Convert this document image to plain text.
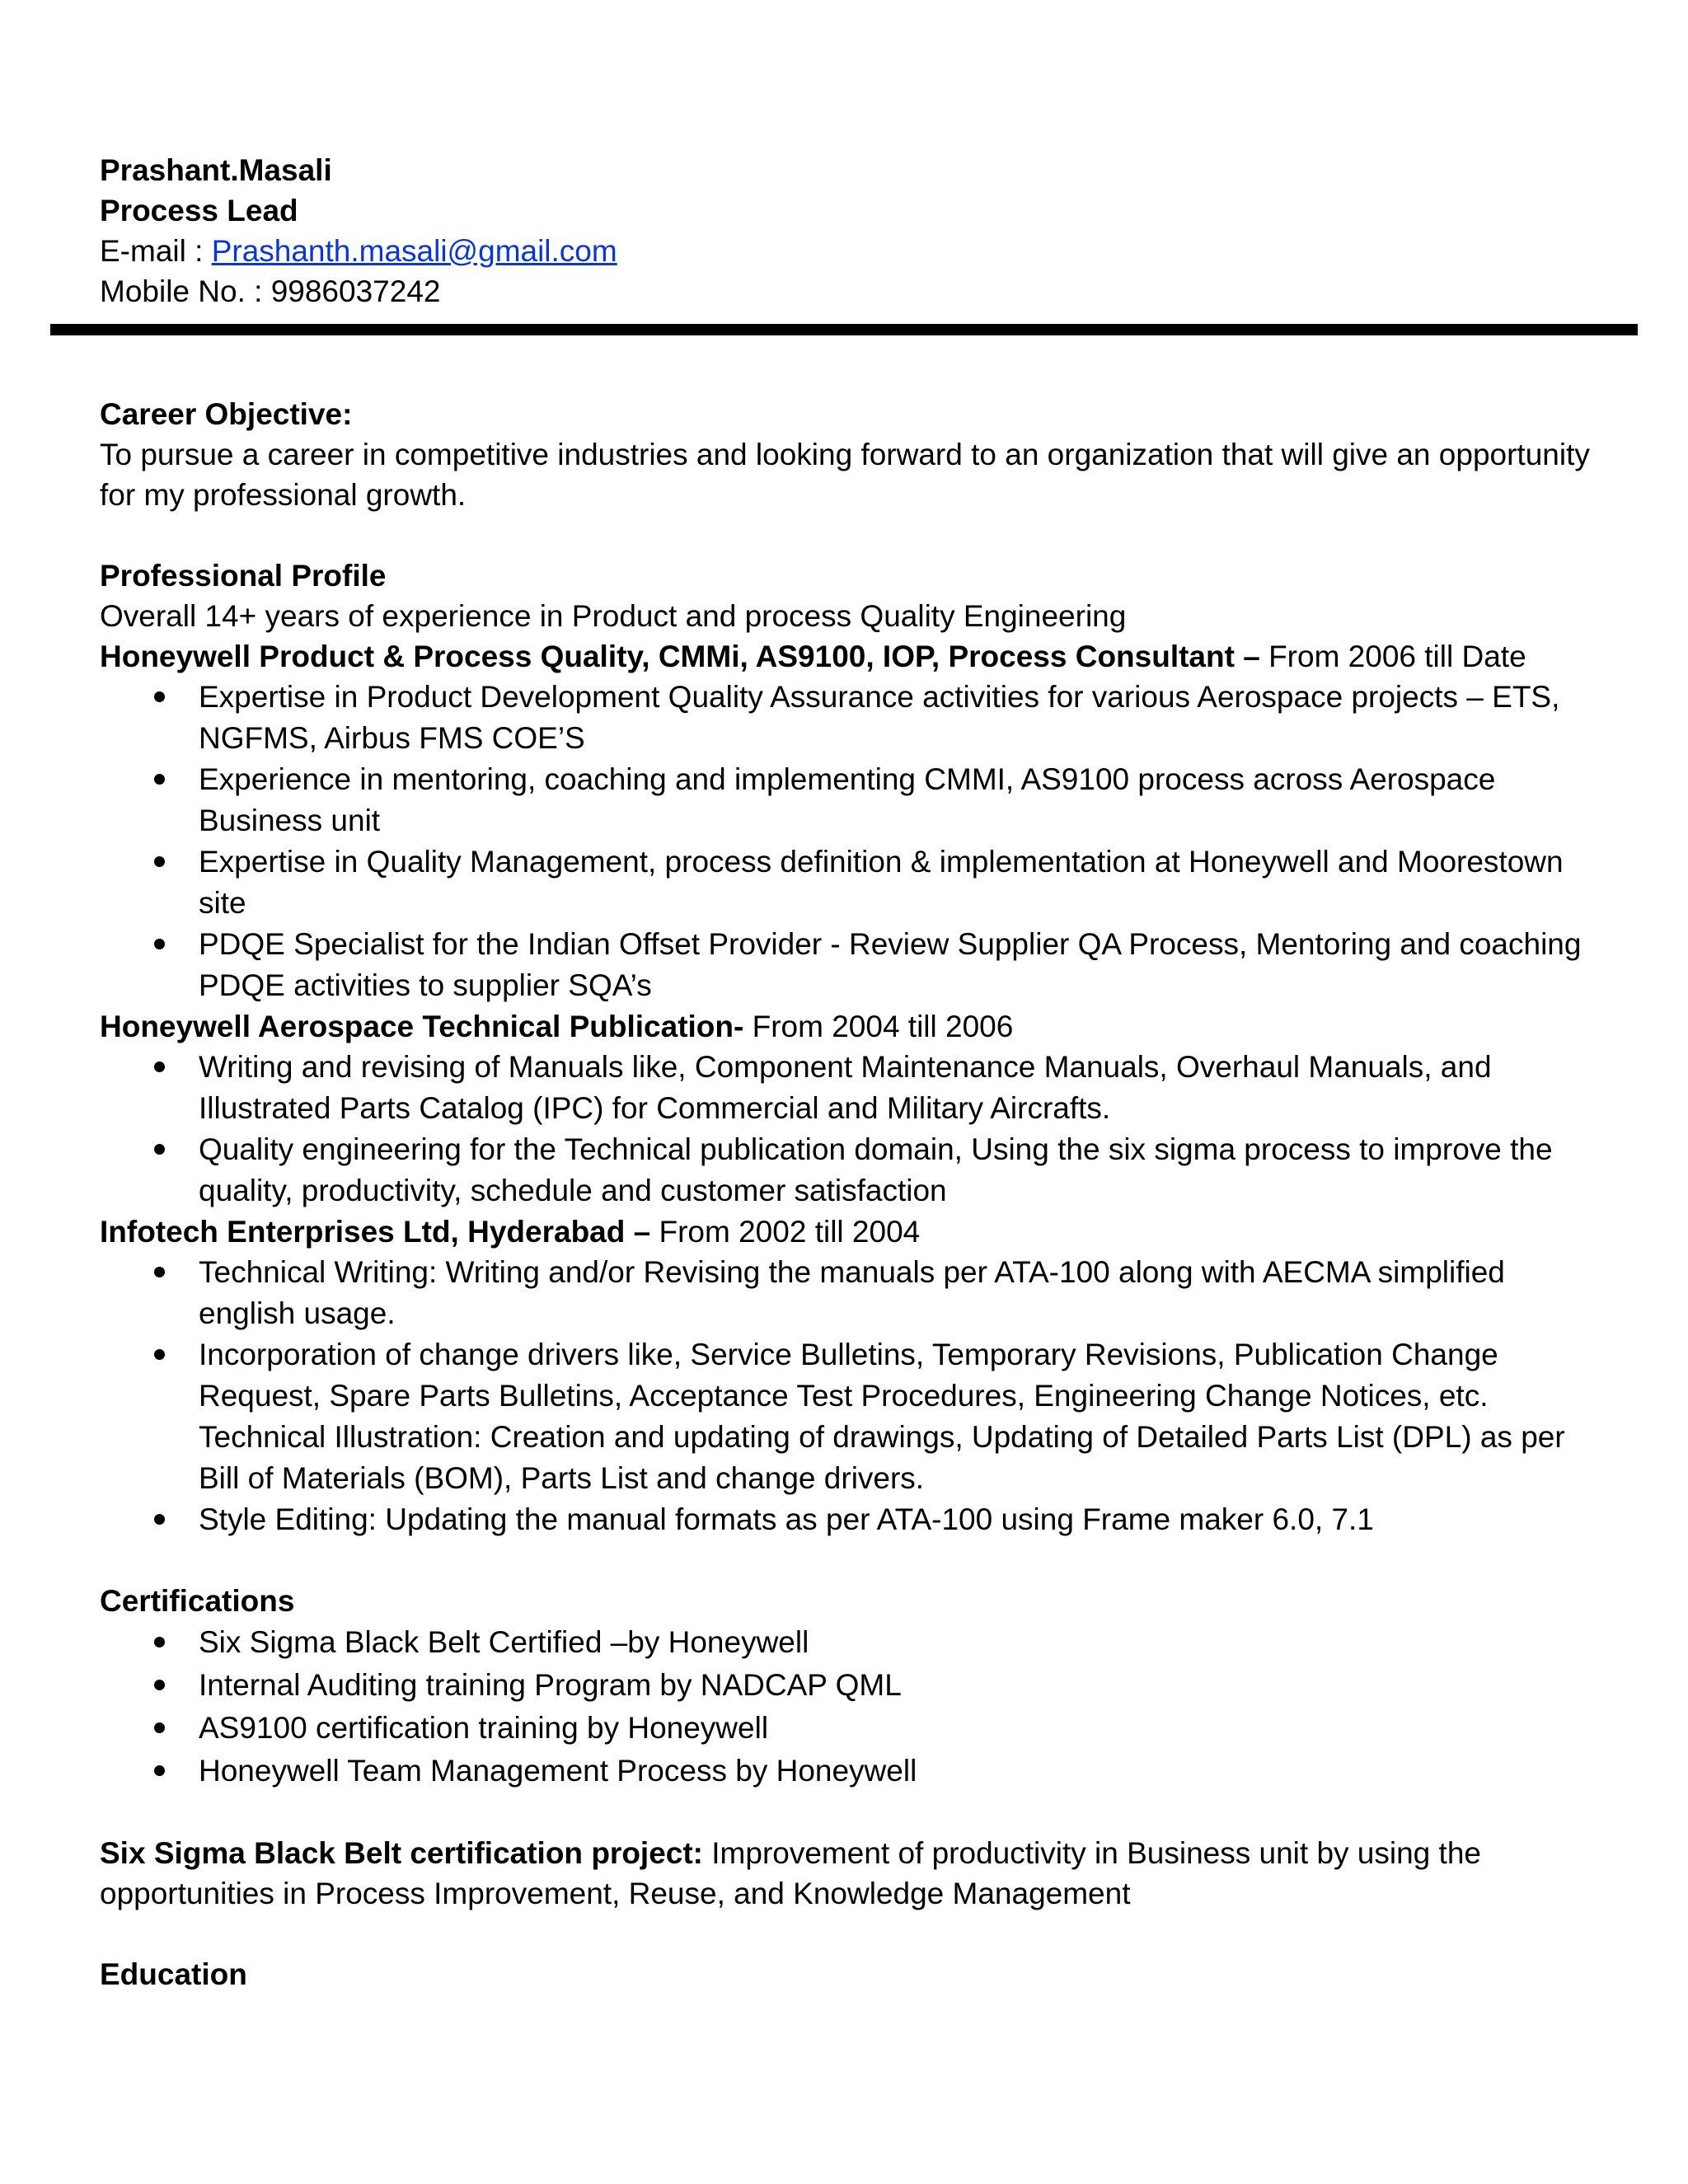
Prashant.Masali
Process Lead
E-mail : Prashanth.masali@gmail.com
Mobile No. : 9986037242
Career Objective:
To pursue a career in competitive industries and looking forward to an organization that will give an opportunity
for my professional growth.
Professional Profile
Overall 14+ years of experience in Product and process Quality Engineering
Honeywell Product & Process Quality, CMMi, AS9100, IOP, Process Consultant – From 2006 till Date
Expertise in Product Development Quality Assurance activities for various Aerospace projects – ETS,
NGFMS, Airbus FMS COE’S
Experience in mentoring, coaching and implementing CMMI, AS9100 process across Aerospace
Business unit
Expertise in Quality Management, process definition & implementation at Honeywell and Moorestown
site
PDQE Specialist for the Indian Offset Provider - Review Supplier QA Process, Mentoring and coaching
PDQE activities to supplier SQA’s
Honeywell Aerospace Technical Publication- From 2004 till 2006
Writing and revising of Manuals like, Component Maintenance Manuals, Overhaul Manuals, and
Illustrated Parts Catalog (IPC) for Commercial and Military Aircrafts.
Quality engineering for the Technical publication domain, Using the six sigma process to improve the
quality, productivity, schedule and customer satisfaction
Infotech Enterprises Ltd, Hyderabad – From 2002 till 2004
Technical Writing: Writing and/or Revising the manuals per ATA-100 along with AECMA simplified
english usage.
Incorporation of change drivers like, Service Bulletins, Temporary Revisions, Publication Change
Request, Spare Parts Bulletins, Acceptance Test Procedures, Engineering Change Notices, etc.
Technical Illustration: Creation and updating of drawings, Updating of Detailed Parts List (DPL) as per
Bill of Materials (BOM), Parts List and change drivers.
Style Editing: Updating the manual formats as per ATA-100 using Frame maker 6.0, 7.1
Certifications
Six Sigma Black Belt Certified –by Honeywell
Internal Auditing training Program by NADCAP QML
AS9100 certification training by Honeywell
Honeywell Team Management Process by Honeywell
Six Sigma Black Belt certification project: Improvement of productivity in Business unit by using the
opportunities in Process Improvement, Reuse, and Knowledge Management
Education
